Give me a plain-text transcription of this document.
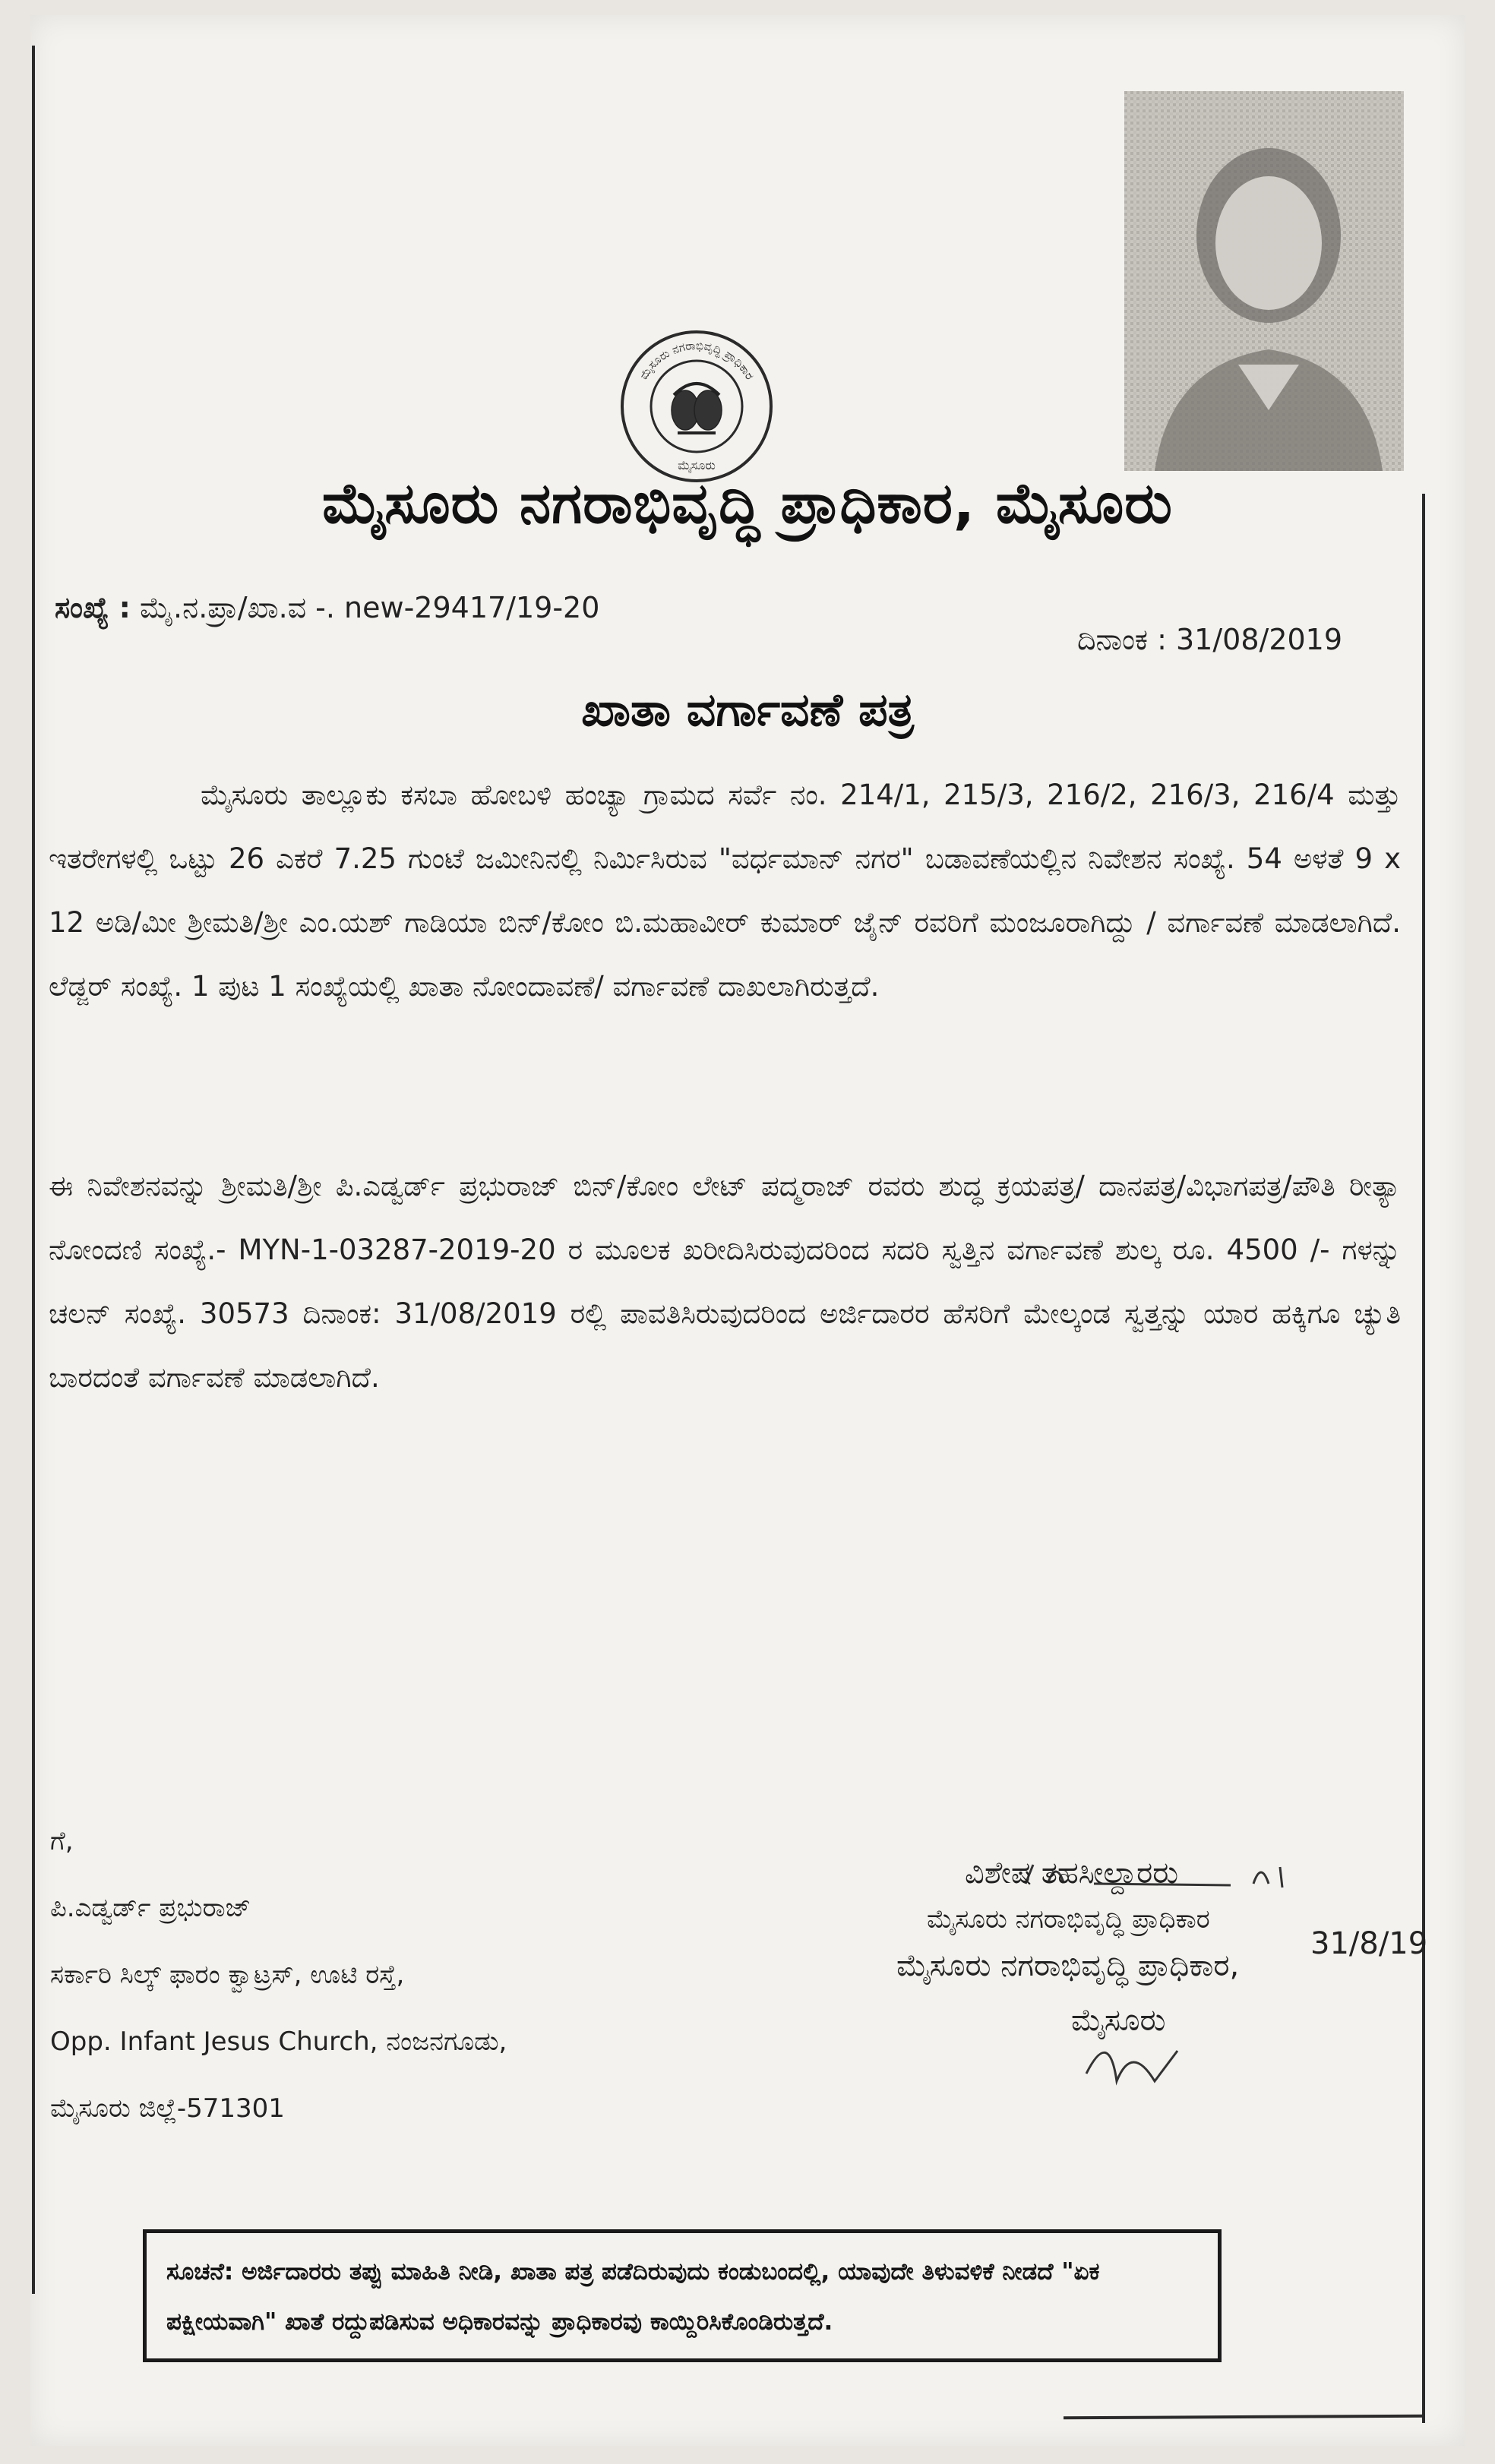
ಮೈಸೂರು ನಗರಾಭಿವೃದ್ಧಿ ಪ್ರಾಧಿಕಾರ
ಮೈಸೂರು
ಮೈಸೂರು ನಗರಾಭಿವೃದ್ಧಿ ಪ್ರಾಧಿಕಾರ, ಮೈಸೂರು
ಸಂಖ್ಯೆ : ಮೈ.ನ.ಪ್ರಾ/ಖಾ.ವ -. new-29417/19-20
ದಿನಾಂಕ : 31/08/2019
ಖಾತಾ ವರ್ಗಾವಣೆ ಪತ್ರ

ಮೈಸೂರು ತಾಲ್ಲೂಕು ಕಸಬಾ ಹೋಬಳಿ ಹಂಚ್ಯಾ ಗ್ರಾಮದ ಸರ್ವೆ ನಂ. 214/1, 215/3, 216/2, 216/3, 216/4 ಮತ್ತು ಇತರೇಗಳಲ್ಲಿ ಒಟ್ಟು 26 ಎಕರೆ 7.25 ಗುಂಟೆ ಜಮೀನಿನಲ್ಲಿ ನಿರ್ಮಿಸಿರುವ "ವರ್ಧಮಾನ್ ನಗರ" ಬಡಾವಣೆಯಲ್ಲಿನ ನಿವೇಶನ ಸಂಖ್ಯೆ. 54 ಅಳತೆ 9 x 12 ಅಡಿ/ಮೀ ಶ್ರೀಮತಿ/ಶ್ರೀ ಎಂ.ಯಶ್ ಗಾಡಿಯಾ ಬಿನ್/ಕೋಂ ಬಿ.ಮಹಾವೀರ್ ಕುಮಾರ್ ಜೈನ್ ರವರಿಗೆ ಮಂಜೂರಾಗಿದ್ದು / ವರ್ಗಾವಣೆ ಮಾಡಲಾಗಿದೆ. ಲೆಡ್ಜರ್ ಸಂಖ್ಯೆ. 1 ಪುಟ 1 ಸಂಖ್ಯೆಯಲ್ಲಿ ಖಾತಾ ನೋಂದಾವಣೆ/ ವರ್ಗಾವಣೆ ದಾಖಲಾಗಿರುತ್ತದೆ.

ಈ ನಿವೇಶನವನ್ನು ಶ್ರೀಮತಿ/ಶ್ರೀ ಪಿ.ಎಡ್ವರ್ಡ್ ಪ್ರಭುರಾಜ್ ಬಿನ್/ಕೋಂ ಲೇಟ್ ಪದ್ಮರಾಜ್ ರವರು ಶುದ್ಧ ಕ್ರಯಪತ್ರ/ ದಾನಪತ್ರ/ವಿಭಾಗಪತ್ರ/ಪೌತಿ ರೀತ್ಯಾ ನೋಂದಣಿ ಸಂಖ್ಯೆ.- MYN-1-03287-2019-20 ರ ಮೂಲಕ ಖರೀದಿಸಿರುವುದರಿಂದ ಸದರಿ ಸ್ವತ್ತಿನ ವರ್ಗಾವಣೆ ಶುಲ್ಕ ರೂ. 4500 /- ಗಳನ್ನು ಚಲನ್ ಸಂಖ್ಯೆ. 30573 ದಿನಾಂಕ: 31/08/2019 ರಲ್ಲಿ ಪಾವತಿಸಿರುವುದರಿಂದ ಅರ್ಜಿದಾರರ ಹೆಸರಿಗೆ ಮೇಲ್ಕಂಡ ಸ್ವತ್ತನ್ನು ಯಾರ ಹಕ್ಕಿಗೂ ಚ್ಯುತಿ ಬಾರದಂತೆ ವರ್ಗಾವಣೆ ಮಾಡಲಾಗಿದೆ.

ಗೆ,
ಪಿ.ಎಡ್ವರ್ಡ್ ಪ್ರಭುರಾಜ್
ಸರ್ಕಾರಿ ಸಿಲ್ಕ್ ಫಾರಂ ಕ್ವಾಟ್ರಸ್, ಊಟಿ ರಸ್ತೆ,
Opp. Infant Jesus Church, ನಂಜನಗೂಡು,
ಮೈಸೂರು ಜಿಲ್ಲೆ-571301
ವಿಶೇಷ ತಹಸೀಲ್ದಾರರು
ಮೈಸೂರು ನಗರಾಭಿವೃದ್ಧಿ ಪ್ರಾಧಿಕಾರ
ಮೈಸೂರು ನಗರಾಭಿವೃದ್ಧಿ ಪ್ರಾಧಿಕಾರ,
ಮೈಸೂರು
31/8/19
ಸೂಚನೆ: ಅರ್ಜಿದಾರರು ತಪ್ಪು ಮಾಹಿತಿ ನೀಡಿ, ಖಾತಾ ಪತ್ರ ಪಡೆದಿರುವುದು ಕಂಡುಬಂದಲ್ಲಿ, ಯಾವುದೇ ತಿಳುವಳಿಕೆ ನೀಡದೆ "ಏಕ ಪಕ್ಷೀಯವಾಗಿ" ಖಾತೆ ರದ್ದುಪಡಿಸುವ ಅಧಿಕಾರವನ್ನು ಪ್ರಾಧಿಕಾರವು ಕಾಯ್ದಿರಿಸಿಕೊಂಡಿರುತ್ತದೆ.
